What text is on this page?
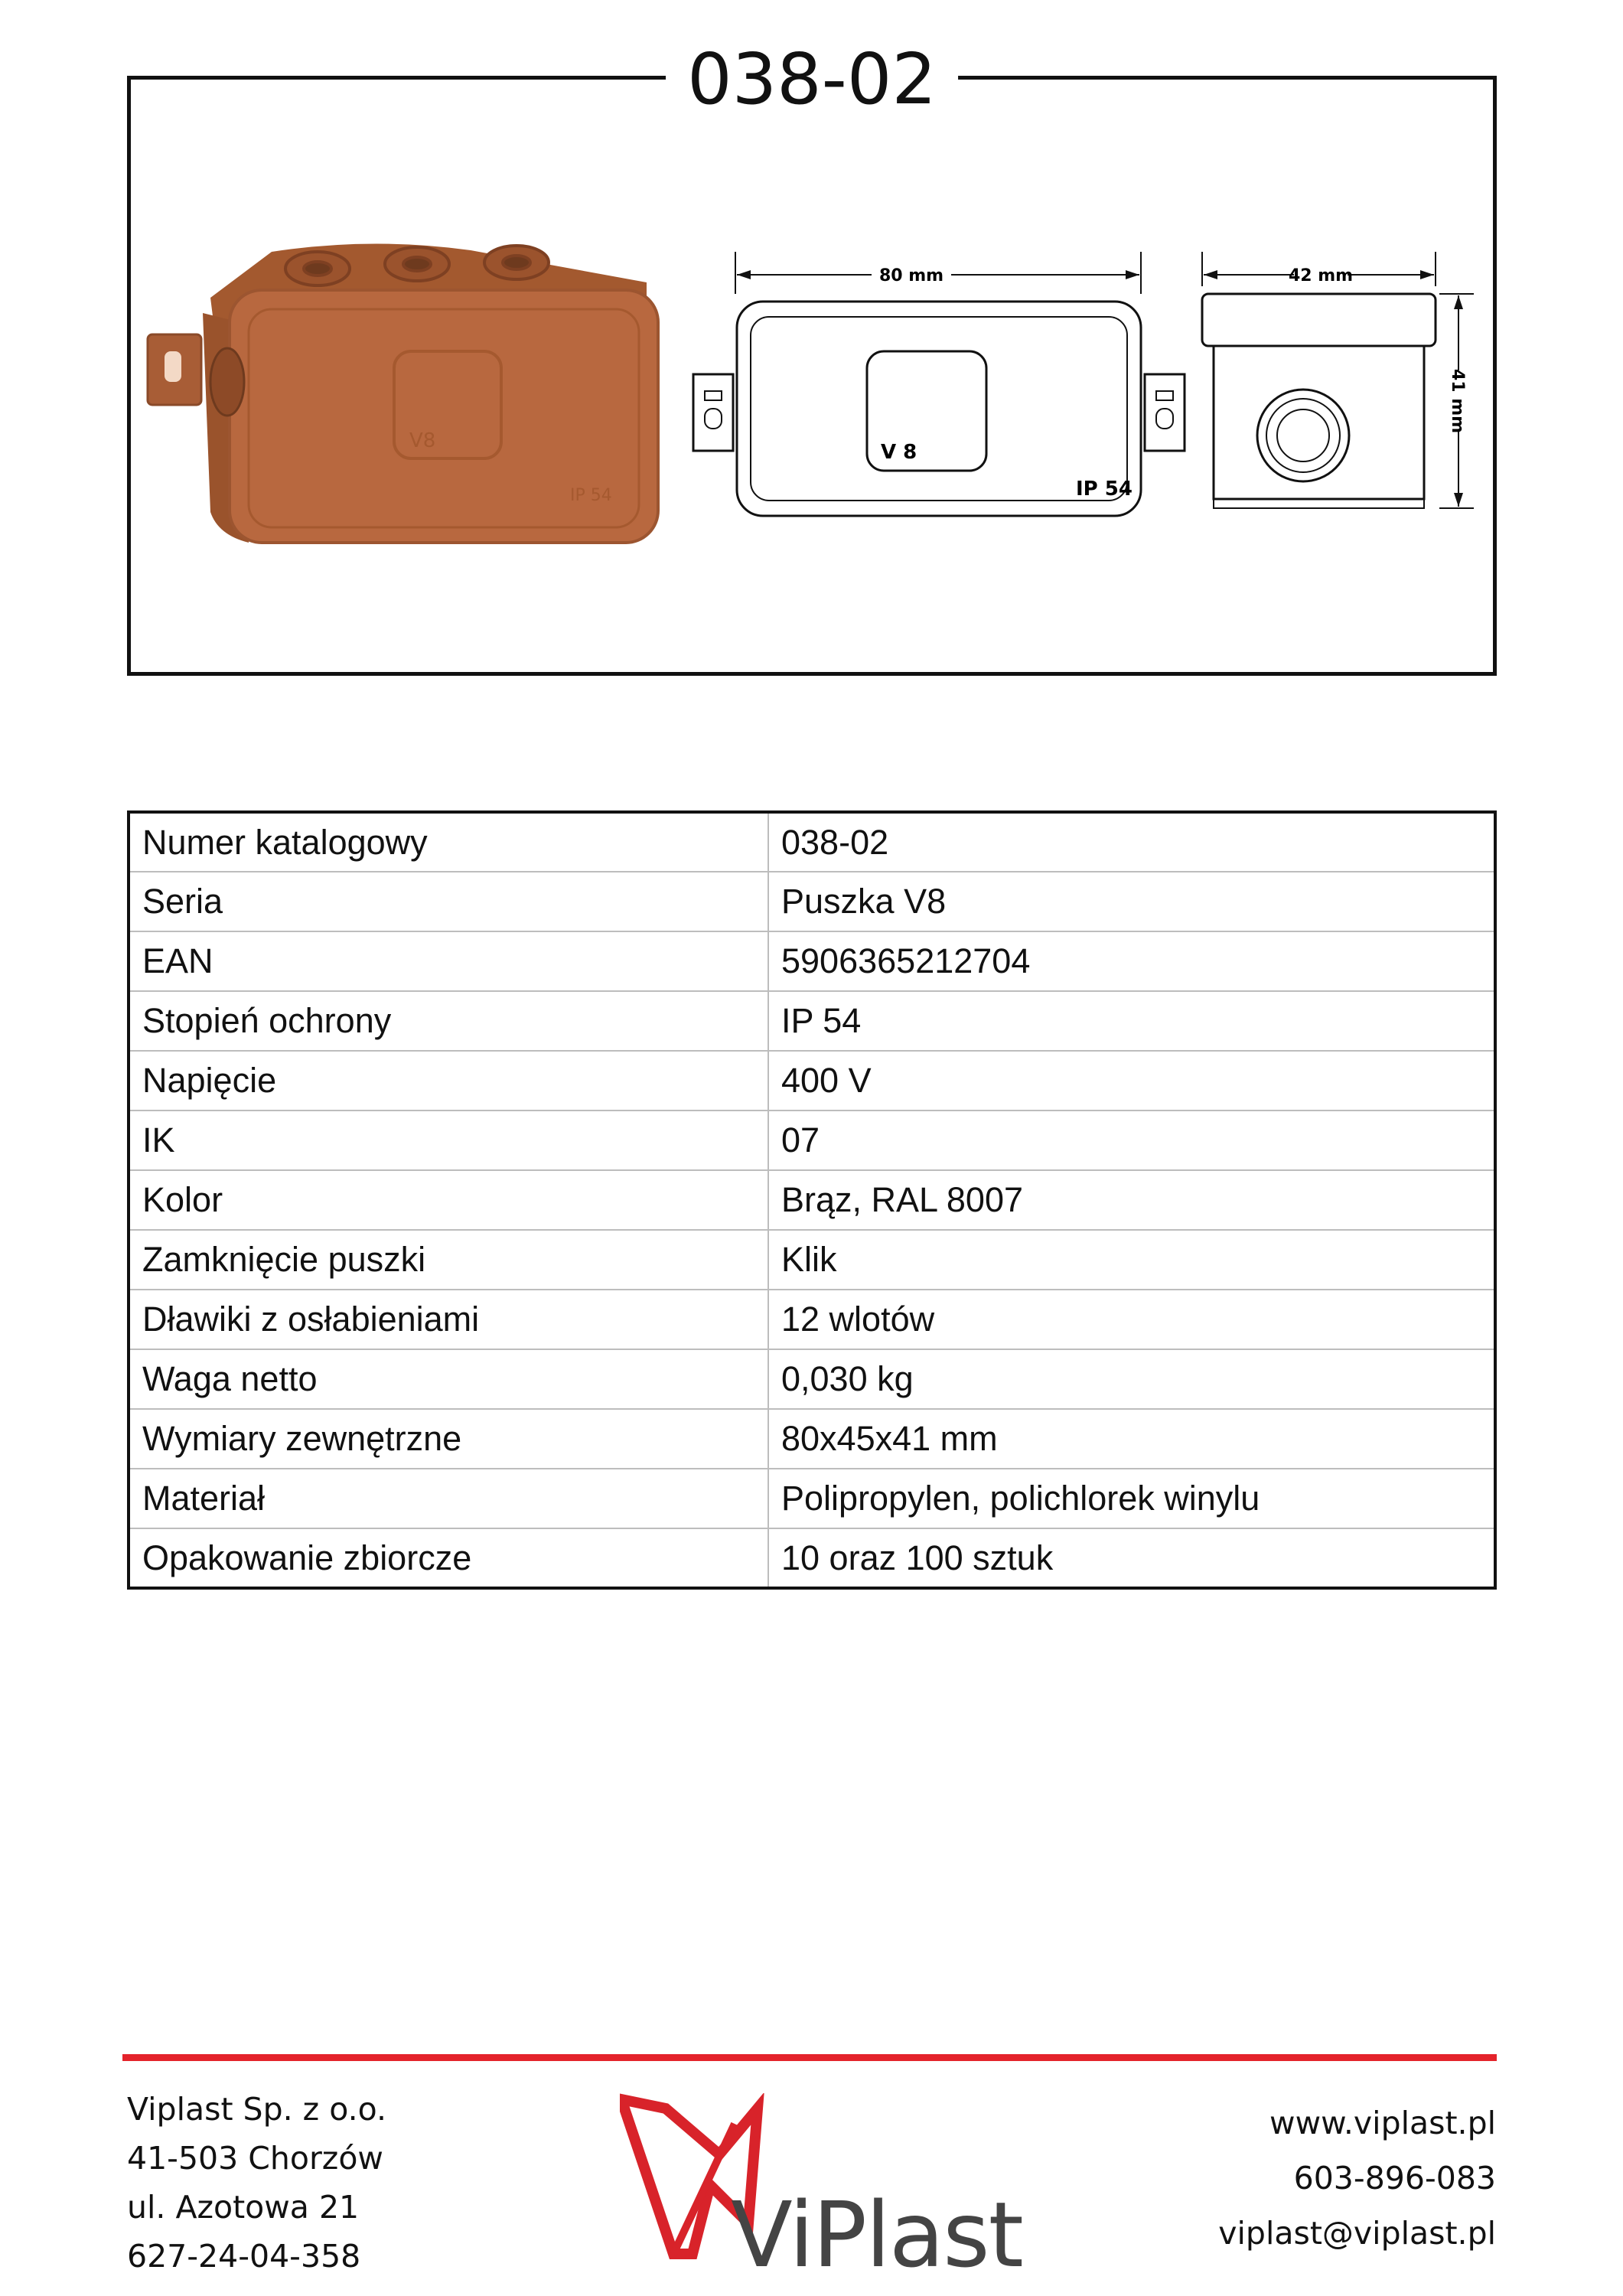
038-02
V8
IP 54
80 mm
V 8
IP 54
42 mm
41 mm
Numer katalogowy	038-02
Seria	Puszka V8
EAN	5906365212704
Stopień ochrony	IP 54
Napięcie	400 V
IK	07
Kolor	Brąz, RAL 8007
Zamknięcie puszki	Klik
Dławiki z osłabieniami	12 wlotów
Waga netto	0,030 kg
Wymiary zewnętrzne	80x45x41 mm
Materiał	Polipropylen, polichlorek winylu
Opakowanie zbiorcze	10 oraz 100 sztuk
Viplast Sp. z o.o.
41-503 Chorzów
ul. Azotowa 21
627-24-04-358	ViPlast
www.viplast.pl
603-896-083
viplast@viplast.pl
